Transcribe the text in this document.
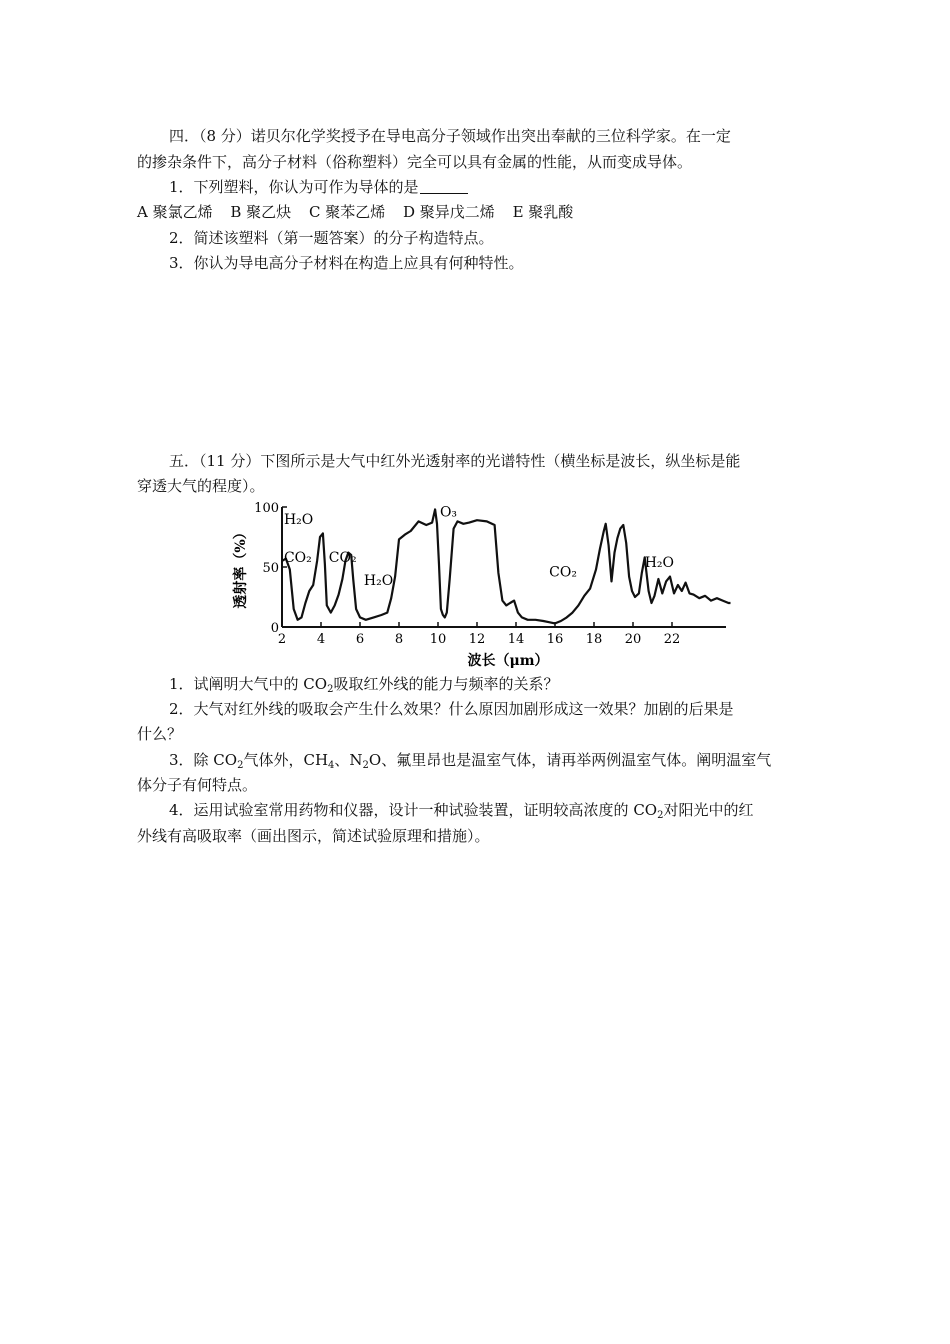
四．（8 分）诺贝尔化学奖授予在导电高分子领域作出突出奉献的三位科学家。在一定
的掺杂条件下，高分子材料（俗称塑料）完全可以具有金属的性能，从而变成导体。
1．下列塑料，你认为可作为导体的是
A 聚氯乙烯 B 聚乙炔 C 聚苯乙烯 D 聚异戊二烯 E 聚乳酸
2．简述该塑料（第一题答案）的分子构造特点。
3．你认为导电高分子材料在构造上应具有何种特性。
五．（11 分）下图所示是大气中红外光透射率的光谱特性（横坐标是波长，纵坐标是能
穿透大气的程度）。
0
50
100
2 4 6 8 10 12 14 16 18 20 22
H₂O
CO₂ CO₂
H₂O
O₃
CO₂
H₂O
透射率（%）
波长（μm）
1．试阐明大气中的 $CO_2$吸取红外线的能力与频率的关系？
2．大气对红外线的吸取会产生什么效果？什么原因加剧形成这一效果？加剧的后果是
什么？
3．除 $CO_2$气体外，$CH_4$、$N_2O$、氟里昂也是温室气体，请再举两例温室气体。阐明温室气
体分子有何特点。
4．运用试验室常用药物和仪器，设计一种试验装置，证明较高浓度的 $CO_2$对阳光中的红
外线有高吸取率（画出图示，简述试验原理和措施）。
